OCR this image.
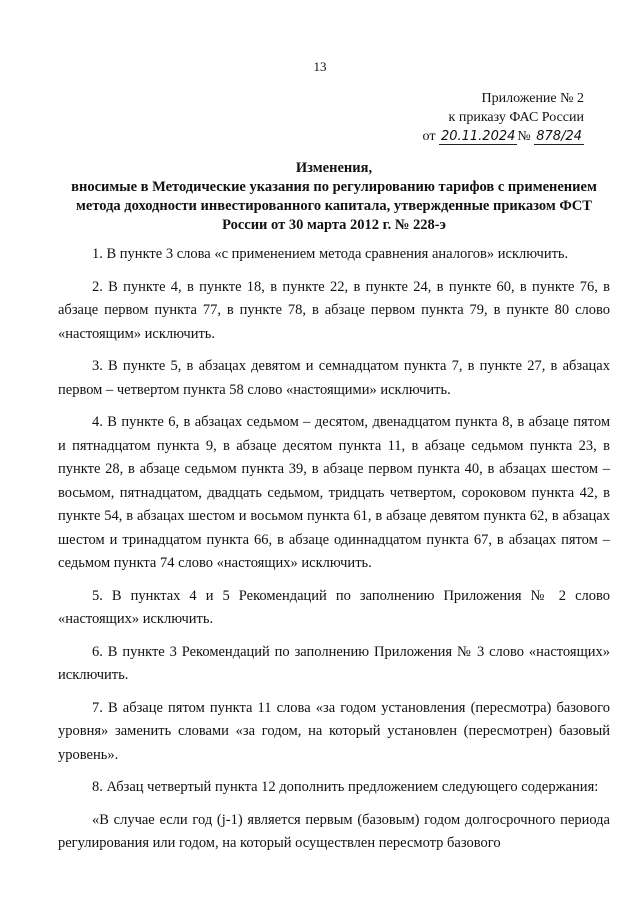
13
Приложение № 2
к приказу ФАС России
от 20.11.2024 № 878/24
Изменения,
вносимые в Методические указания по регулированию тарифов с применением
метода доходности инвестированного капитала, утвержденные приказом ФСТ
России от 30 марта 2012 г. № 228-э

1. В пункте 3 слова «с применением метода сравнения аналогов» исключить.

2. В пункте 4, в пункте 18, в пункте 22, в пункте 24, в пункте 60, в пункте 76, в абзаце первом пункта 77, в пункте 78, в абзаце первом пункта 79, в пункте 80 слово «настоящим» исключить.

3. В пункте 5, в абзацах девятом и семнадцатом пункта 7, в пункте 27, в абзацах первом – четвертом пункта 58 слово «настоящими» исключить.

4. В пункте 6, в абзацах седьмом – десятом, двенадцатом пункта 8, в абзаце пятом и пятнадцатом пункта 9, в абзаце десятом пункта 11, в абзаце седьмом пункта 23, в пункте 28, в абзаце седьмом пункта 39, в абзаце первом пункта 40, в абзацах шестом – восьмом, пятнадцатом, двадцать седьмом, тридцать четвертом, сороковом пункта 42, в пункте 54, в абзацах шестом и восьмом пункта 61, в абзаце девятом пункта 62, в абзацах шестом и тринадцатом пункта 66, в абзаце одиннадцатом пункта 67, в абзацах пятом – седьмом пункта 74 слово «настоящих» исключить.

5. В пунктах 4 и 5 Рекомендаций по заполнению Приложения № 2 слово «настоящих» исключить.

6. В пункте 3 Рекомендаций по заполнению Приложения № 3 слово «настоящих» исключить.

7. В абзаце пятом пункта 11 слова «за годом установления (пересмотра) базового уровня» заменить словами «за годом, на который установлен (пересмотрен) базовый уровень».

8. Абзац четвертый пункта 12 дополнить предложением следующего содержания:

«В случае если год (j-1) является первым (базовым) годом долгосрочного периода регулирования или годом, на который осуществлен пересмотр базового
